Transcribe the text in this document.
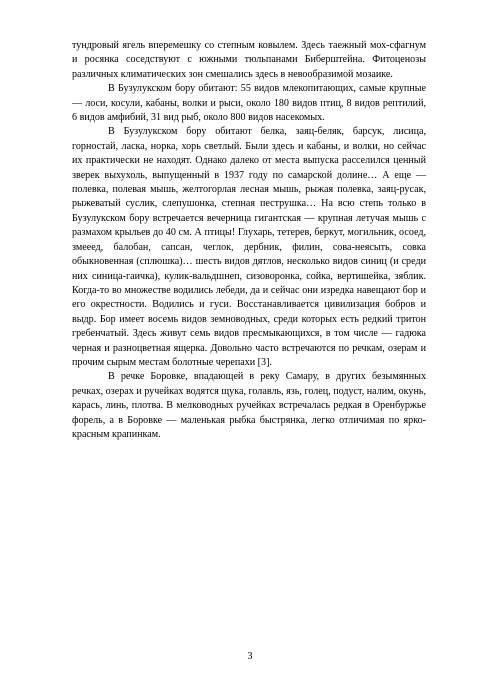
тундровый ягель вперемешку со степным ковылем. Здесь таежный мох-сфагнум и росянка соседствуют с южными тюльпанами Биберштейна. Фитоценозы различных климатических зон смешались здесь в невообразимой мозаике.

В Бузулукском бору обитают: 55 видов млекопитающих, самые крупные — лоси, косули, кабаны, волки и рыси, около 180 видов птиц, 8 видов рептилий, 6 видов амфибий, 31 вид рыб, около 800 видов насекомых.

В Бузулукском бору обитают белка, заяц-беляк, барсук, лисица, горностай, ласка, норка, хорь светлый. Были здесь и кабаны, и волки, но сейчас их практически не находят. Однако далеко от места выпуска расселился ценный зверек выхухоль, выпущенный в 1937 году по самарской долине… А еще — полевка, полевая мышь, желтогорлая лесная мышь, рыжая полевка, заяц-русак, рыжеватый суслик, слепушонка, степная пеструшка… На всю степь только в Бузулукском бору встречается вечерница гигантская — крупная летучая мышь с размахом крыльев до 40 см. А птицы! Глухарь, тетерев, беркут, могильник, осоед, змееед, балобан, сапсан, чеглок, дербник, филин, сова-неясыть, совка обыкновенная (сплюшка)… шесть видов дятлов, несколько видов синиц (и среди них синица-гаичка), кулик-вальдшнеп, сизоворонка, сойка, вертишейка, зяблик. Когда-то во множестве водились лебеди, да и сейчас они изредка навещают бор и его окрестности. Водились и гуси. Восстанавливается цивилизация бобров и выдр. Бор имеет восемь видов земноводных, среди которых есть редкий тритон гребенчатый. Здесь живут семь видов пресмыкающихся, в том числе — гадюка черная и разноцветная ящерка. Довольно часто встречаются по речкам, озерам и прочим сырым местам болотные черепахи [3].

В речке Боровке, впадающей в реку Самару, в других безымянных речках, озерах и ручейках водятся щука, голавль, язь, голец, подуст, налим, окунь, карась, линь, плотва. В мелководных ручейках встречалась редкая в Оренбуржье форель, а в Боровке — маленькая рыбка быстрянка, легко отличимая по ярко-красным крапинкам.

3
